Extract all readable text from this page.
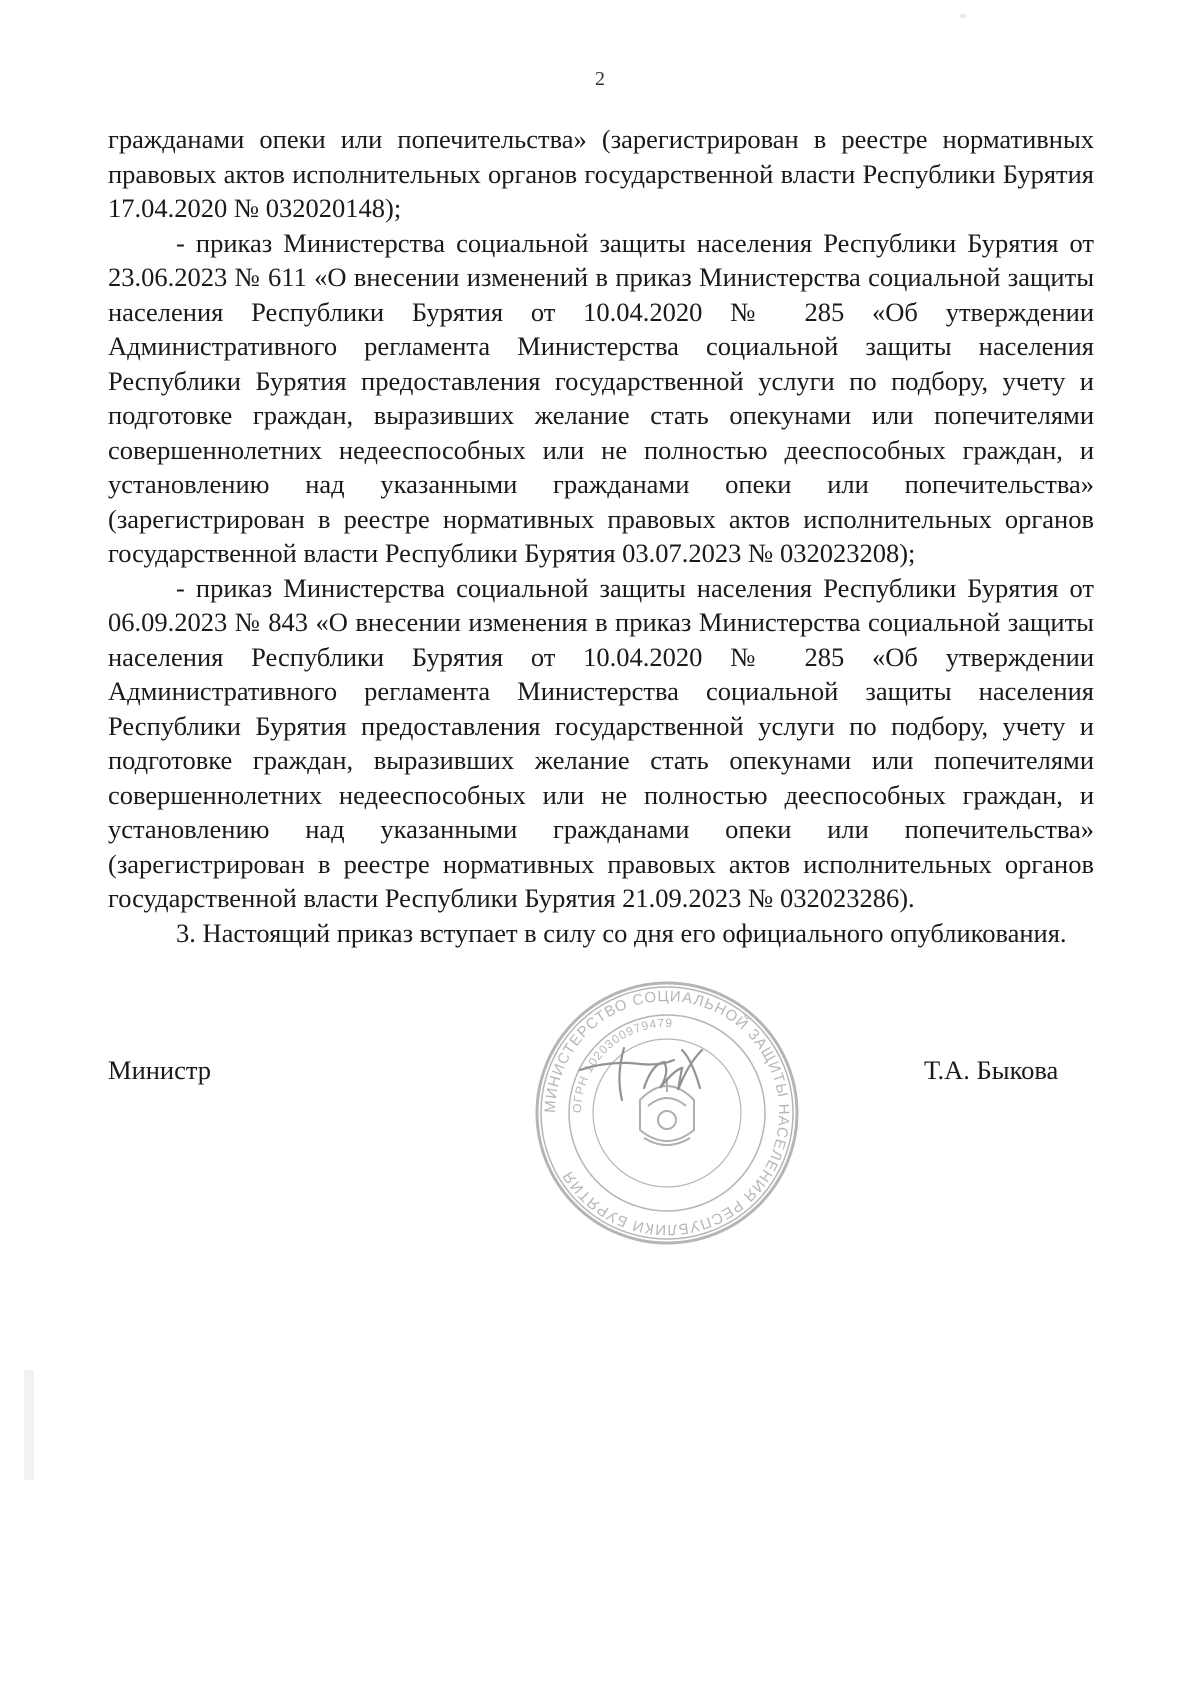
2

гражданами опеки или попечительства» (зарегистрирован в реестре нормативных правовых актов исполнительных органов государственной власти Республики Бурятия 17.04.2020 № 032020148);

- приказ Министерства социальной защиты населения Республики Бурятия от 23.06.2023 № 611 «О внесении изменений в приказ Министерства социальной защиты населения Республики Бурятия от 10.04.2020 № 285 «Об утверждении Административного регламента Министерства социальной защиты населения Республики Бурятия предоставления государственной услуги по подбору, учету и подготовке граждан, выразивших желание стать опекунами или попечителями совершеннолетних недееспособных или не полностью дееспособных граждан, и установлению над указанными гражданами опеки или попечительства» (зарегистрирован в реестре нормативных правовых актов исполнительных органов государственной власти Республики Бурятия 03.07.2023 № 032023208);

- приказ Министерства социальной защиты населения Республики Бурятия от 06.09.2023 № 843 «О внесении изменения в приказ Министерства социальной защиты населения Республики Бурятия от 10.04.2020 № 285 «Об утверждении Административного регламента Министерства социальной защиты населения Республики Бурятия предоставления государственной услуги по подбору, учету и подготовке граждан, выразивших желание стать опекунами или попечителями совершеннолетних недееспособных или не полностью дееспособных граждан, и установлению над указанными гражданами опеки или попечительства» (зарегистрирован в реестре нормативных правовых актов исполнительных органов государственной власти Республики Бурятия 21.09.2023 № 032023286).

3. Настоящий приказ вступает в силу со дня его официального опубликования.

Министр	Т.А. Быкова
МИНИСТЕРСТВО СОЦИАЛЬНОЙ ЗАЩИТЫ НАСЕЛЕНИЯ РЕСПУБЛИКИ БУРЯТИЯ
ОГРН 1020300979479
